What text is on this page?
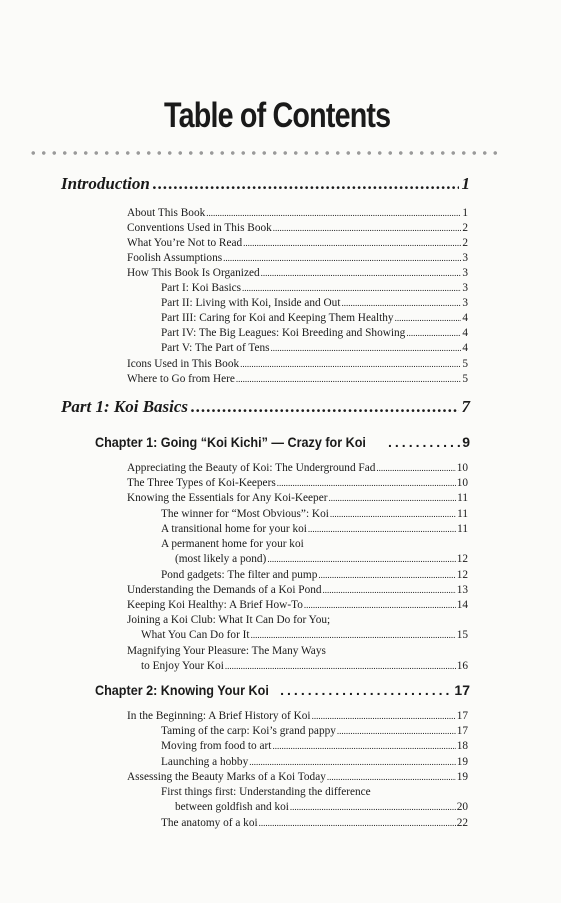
Table of Contents
Introduction .....	1
About This Book .....	1
Conventions Used in This Book .....	2
What You’re Not to Read .....	2
Foolish Assumptions .....	3
How This Book Is Organized .....	3
Part I: Koi Basics .....	3
Part II: Living with Koi, Inside and Out .....	3
Part III: Caring for Koi and Keeping Them Healthy .....	4
Part IV: The Big Leagues: Koi Breeding and Showing .....	4
Part V: The Part of Tens .....	4
Icons Used in This Book .....	5
Where to Go from Here .....	5
Part 1: Koi Basics .....	7
Chapter 1: Going “Koi Kichi” — Crazy for Koi .....	9
Appreciating the Beauty of Koi: The Underground Fad .....	10
The Three Types of Koi-Keepers .....	10
Knowing the Essentials for Any Koi-Keeper .....	11
The winner for “Most Obvious”: Koi .....	11
A transitional home for your koi .....	11
A permanent home for your koi
(most likely a pond) .....	12
Pond gadgets: The filter and pump .....	12
Understanding the Demands of a Koi Pond .....	13
Keeping Koi Healthy: A Brief How-To .....	14
Joining a Koi Club: What It Can Do for You;
What You Can Do for It .....	15
Magnifying Your Pleasure: The Many Ways
to Enjoy Your Koi .....	16
Chapter 2: Knowing Your Koi .....	17
In the Beginning: A Brief History of Koi .....	17
Taming of the carp: Koi’s grand pappy .....	17
Moving from food to art .....	18
Launching a hobby .....	19
Assessing the Beauty Marks of a Koi Today .....	19
First things first: Understanding the difference
between goldfish and koi .....	20
The anatomy of a koi .....	22
